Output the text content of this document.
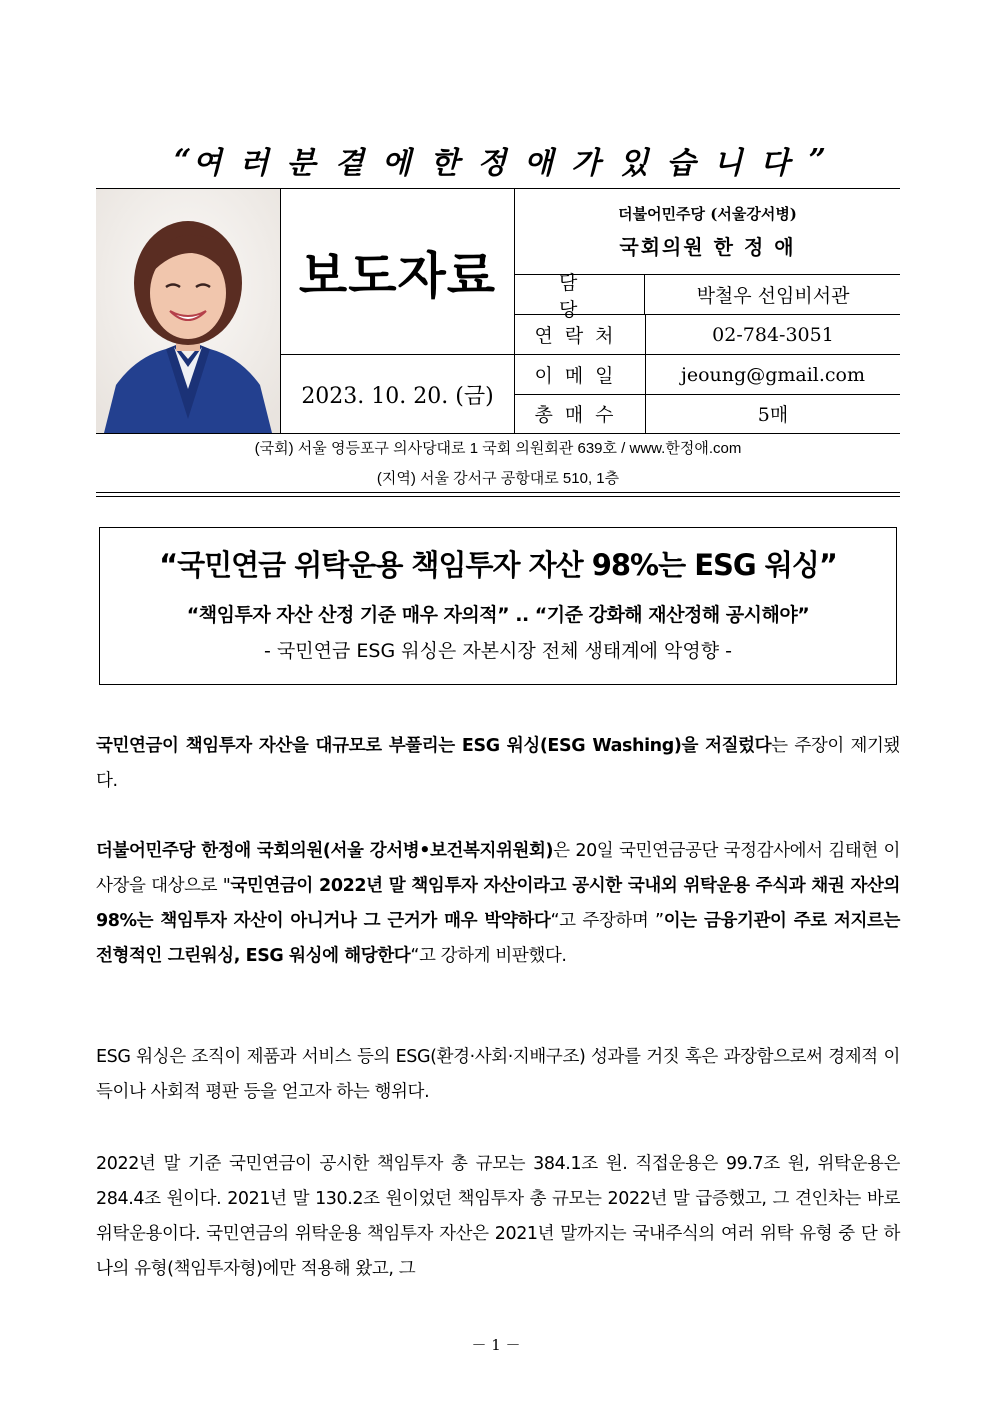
“ 여러분 곁에 한정애가 있습니다 ”
보도자료
2023. 10. 20. (금)
더불어민주당 (서울강서병)
국회의원 한 정 애
담당
박철우 선임비서관
연락처	02-784-3051
이메일	jeoung@gmail.com
총매수	5매
(국회) 서울 영등포구 의사당대로 1 국회 의원회관 639호 / www.한정애.com
(지역) 서울 강서구 공항대로 510, 1층
“국민연금 위탁운용 책임투자 자산 98%는 ESG 워싱”
“책임투자 자산 산정 기준 매우 자의적” .. “기준 강화해 재산정해 공시해야”
- 국민연금 ESG 워싱은 자본시장 전체 생태계에 악영향 -
국민연금이 책임투자 자산을 대규모로 부풀리는 ESG 워싱(ESG Washing)을 저질렀다는 주장이 제기됐다.
더불어민주당 한정애 국회의원(서울 강서병•보건복지위원회)은 20일 국민연금공단 국정감사에서 김태현 이사장을 대상으로 "국민연금이 2022년 말 책임투자 자산이라고 공시한 국내외 위탁운용 주식과 채권 자산의 98%는 책임투자 자산이 아니거나 그 근거가 매우 박약하다“고 주장하며 ”이는 금융기관이 주로 저지르는 전형적인 그린워싱, ESG 워싱에 해당한다“고 강하게 비판했다.
ESG 워싱은 조직이 제품과 서비스 등의 ESG(환경·사회·지배구조) 성과를 거짓 혹은 과장함으로써 경제적 이득이나 사회적 평판 등을 얻고자 하는 행위다.
2022년 말 기준 국민연금이 공시한 책임투자 총 규모는 384.1조 원. 직접운용은 99.7조 원, 위탁운용은 284.4조 원이다. 2021년 말 130.2조 원이었던 책임투자 총 규모는 2022년 말 급증했고, 그 견인차는 바로 위탁운용이다. 국민연금의 위탁운용 책임투자 자산은 2021년 말까지는 국내주식의 여러 위탁 유형 중 단 하나의 유형(책임투자형)에만 적용해 왔고, 그
－ 1 －
